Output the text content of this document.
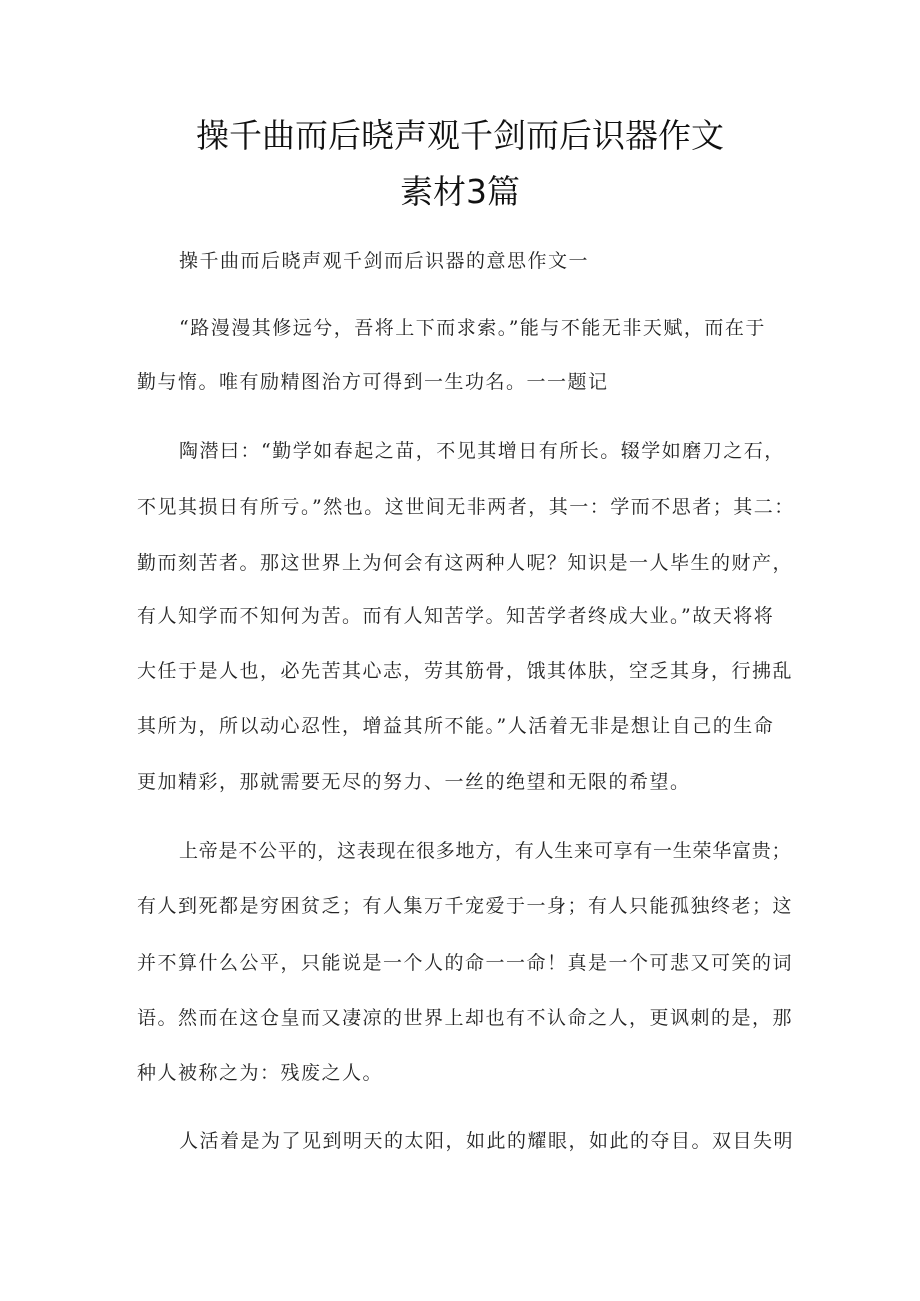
操千曲而后晓声观千剑而后识器作文
素材3篇
操千曲而后晓声观千剑而后识器的意思作文一
“路漫漫其修远兮，吾将上下而求索。”能与不能无非天赋，而在于
勤与惰。唯有励精图治方可得到一生功名。一一题记
陶潜曰：“勤学如春起之苗，不见其增日有所长。辍学如磨刀之石，
不见其损日有所亏。”然也。这世间无非两者，其一：学而不思者；其二：
勤而刻苦者。那这世界上为何会有这两种人呢？知识是一人毕生的财产，
有人知学而不知何为苦。而有人知苦学。知苦学者终成大业。”故天将将
大任于是人也，必先苦其心志，劳其筋骨，饿其体肤，空乏其身，行拂乱
其所为，所以动心忍性，增益其所不能。”人活着无非是想让自己的生命
更加精彩，那就需要无尽的努力、一丝的绝望和无限的希望。
上帝是不公平的，这表现在很多地方，有人生来可享有一生荣华富贵；
有人到死都是穷困贫乏；有人集万千宠爱于一身；有人只能孤独终老；这
并不算什么公平，只能说是一个人的命一一命！真是一个可悲又可笑的词
语。然而在这仓皇而又凄凉的世界上却也有不认命之人，更讽刺的是，那
种人被称之为：残废之人。
人活着是为了见到明天的太阳，如此的耀眼，如此的夺目。双目失明
